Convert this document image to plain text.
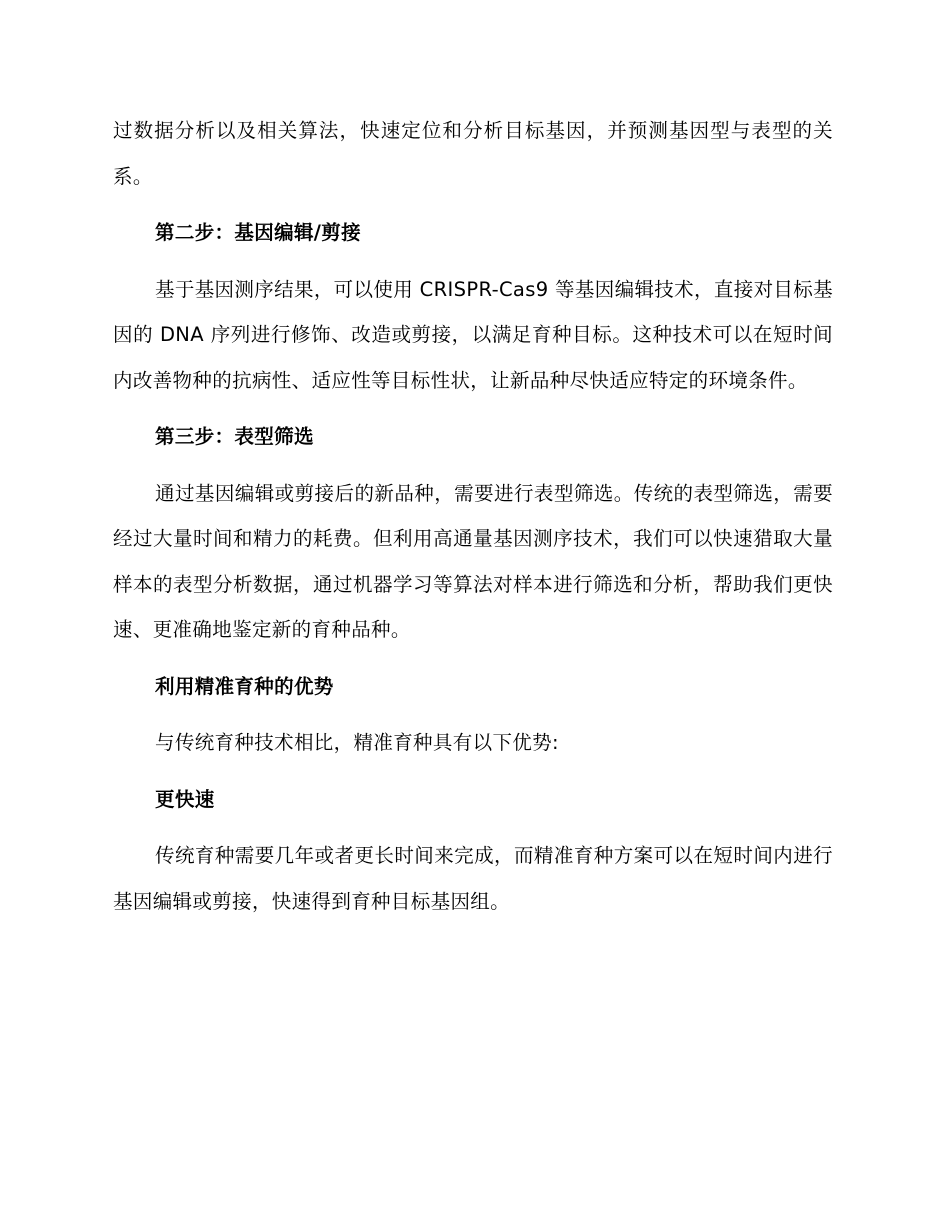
过数据分析以及相关算法，快速定位和分析目标基因，并预测基因型与表型的关系。

第二步：基因编辑/剪接

基于基因测序结果，可以使用 CRISPR-Cas9 等基因编辑技术，直接对目标基因的 DNA 序列进行修饰、改造或剪接，以满足育种目标。这种技术可以在短时间内改善物种的抗病性、适应性等目标性状，让新品种尽快适应特定的环境条件。

第三步：表型筛选

通过基因编辑或剪接后的新品种，需要进行表型筛选。传统的表型筛选，需要经过大量时间和精力的耗费。但利用高通量基因测序技术，我们可以快速猎取大量样本的表型分析数据，通过机器学习等算法对样本进行筛选和分析，帮助我们更快速、更准确地鉴定新的育种品种。

利用精准育种的优势

与传统育种技术相比，精准育种具有以下优势:

更快速

传统育种需要几年或者更长时间来完成，而精准育种方案可以在短时间内进行基因编辑或剪接，快速得到育种目标基因组。
